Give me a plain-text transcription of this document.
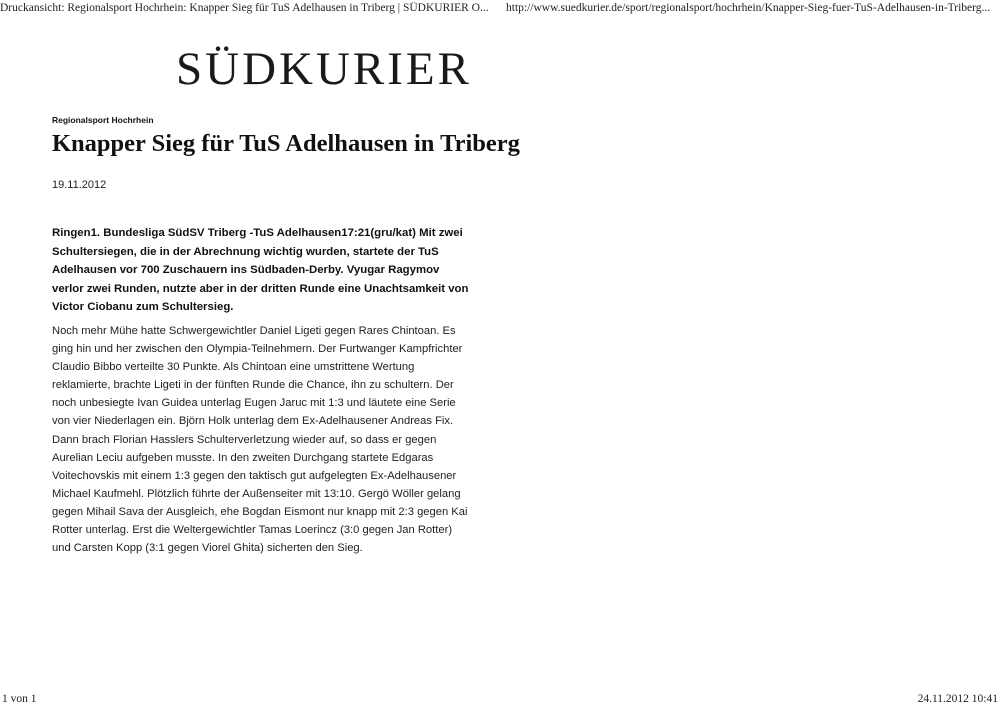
Druckansicht: Regionalsport Hochrhein: Knapper Sieg für TuS Adelhausen in Triberg | SÜDKURIER O... http://www.suedkurier.de/sport/regionalsport/hochrhein/Knapper-Sieg-fuer-TuS-Adelhausen-in-Triberg...
SÜDKURIER
Regionalsport Hochrhein
Knapper Sieg für TuS Adelhausen in Triberg
19.11.2012

Ringen1. Bundesliga SüdSV Triberg -TuS Adelhausen17:21(gru/kat) Mit zwei Schultersiegen, die in der Abrechnung wichtig wurden, startete der TuS Adelhausen vor 700 Zuschauern ins Südbaden-Derby. Vyugar Ragymov verlor zwei Runden, nutzte aber in der dritten Runde eine Unachtsamkeit von Victor Ciobanu zum Schultersieg.

Noch mehr Mühe hatte Schwergewichtler Daniel Ligeti gegen Rares Chintoan. Es ging hin und her zwischen den Olympia-Teilnehmern. Der Furtwanger Kampfrichter Claudio Bibbo verteilte 30 Punkte. Als Chintoan eine umstrittene Wertung reklamierte, brachte Ligeti in der fünften Runde die Chance, ihn zu schultern. Der noch unbesiegte Ivan Guidea unterlag Eugen Jaruc mit 1:3 und läutete eine Serie von vier Niederlagen ein. Björn Holk unterlag dem Ex-Adelhausener Andreas Fix. Dann brach Florian Hasslers Schulterverletzung wieder auf, so dass er gegen Aurelian Leciu aufgeben musste. In den zweiten Durchgang startete Edgaras Voitechovskis mit einem 1:3 gegen den taktisch gut aufgelegten Ex-Adelhausener Michael Kaufmehl. Plötzlich führte der Außenseiter mit 13:10. Gergö Wöller gelang gegen Mihail Sava der Ausgleich, ehe Bogdan Eismont nur knapp mit 2:3 gegen Kai Rotter unterlag. Erst die Weltergewichtler Tamas Loerincz (3:0 gegen Jan Rotter) und Carsten Kopp (3:1 gegen Viorel Ghita) sicherten den Sieg.

1 von 1	24.11.2012 10:41
